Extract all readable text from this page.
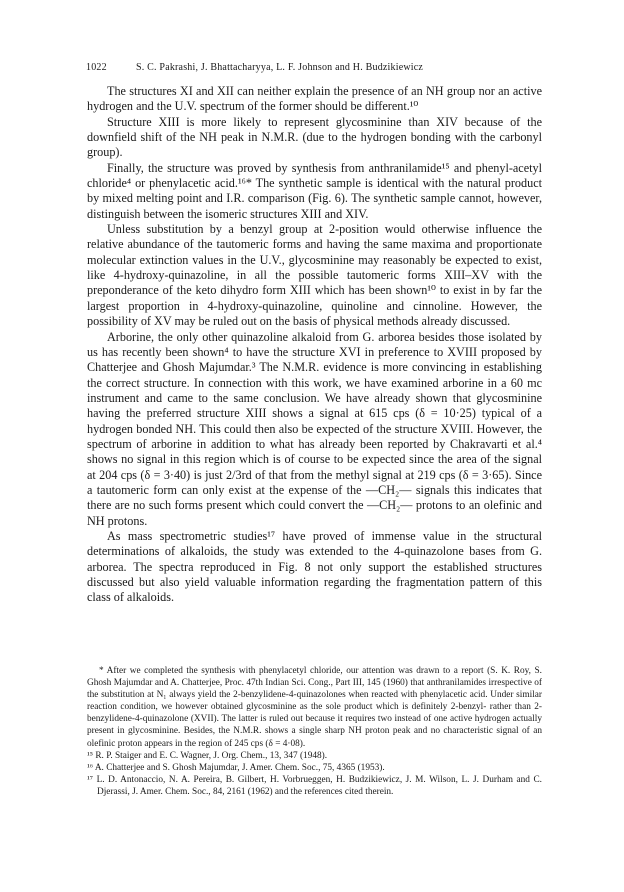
1022	S. C. Pakrashi, J. Bhattacharyya, L. F. Johnson and H. Budzikiewicz

The structures XI and XII can neither explain the presence of an NH group nor an active hydrogen and the U.V. spectrum of the former should be different.¹⁰

Structure XIII is more likely to represent glycosminine than XIV because of the downfield shift of the NH peak in N.M.R. (due to the hydrogen bonding with the carbonyl group).

Finally, the structure was proved by synthesis from anthranilamide¹⁵ and phenyl-acetyl chloride⁴ or phenylacetic acid.¹⁶* The synthetic sample is identical with the natural product by mixed melting point and I.R. comparison (Fig. 6). The synthetic sample cannot, however, distinguish between the isomeric structures XIII and XIV.

Unless substitution by a benzyl group at 2-position would otherwise influence the relative abundance of the tautomeric forms and having the same maxima and proportionate molecular extinction values in the U.V., glycosminine may reasonably be expected to exist, like 4-hydroxy-quinazoline, in all the possible tautomeric forms XIII–XV with the preponderance of the keto dihydro form XIII which has been shown¹⁰ to exist in by far the largest proportion in 4-hydroxy-quinazoline, quinoline and cinnoline. However, the possibility of XV may be ruled out on the basis of physical methods already discussed.

Arborine, the only other quinazoline alkaloid from G. arborea besides those isolated by us has recently been shown⁴ to have the structure XVI in preference to XVIII proposed by Chatterjee and Ghosh Majumdar.³ The N.M.R. evidence is more convincing in establishing the correct structure. In connection with this work, we have examined arborine in a 60 mc instrument and came to the same conclusion. We have already shown that glycosminine having the preferred structure XIII shows a signal at 615 cps (δ = 10·25) typical of a hydrogen bonded NH. This could then also be expected of the structure XVIII. However, the spectrum of arborine in addition to what has already been reported by Chakravarti et al.⁴ shows no signal in this region which is of course to be expected since the area of the signal at 204 cps (δ = 3·40) is just 2/3rd of that from the methyl signal at 219 cps (δ = 3·65). Since a tautomeric form can only exist at the expense of the —CH₂— signals this indicates that there are no such forms present which could convert the —CH₂— protons to an olefinic and NH protons.

As mass spectrometric studies¹⁷ have proved of immense value in the structural determinations of alkaloids, the study was extended to the 4-quinazolone bases from G. arborea. The spectra reproduced in Fig. 8 not only support the established structures discussed but also yield valuable information regarding the fragmentation pattern of this class of alkaloids.

* After we completed the synthesis with phenylacetyl chloride, our attention was drawn to a report (S. K. Roy, S. Ghosh Majumdar and A. Chatterjee, Proc. 47th Indian Sci. Cong., Part III, 145 (1960) that anthranilamides irrespective of the substitution at N₁ always yield the 2-benzylidene-4-quinazolones when reacted with phenylacetic acid. Under similar reaction condition, we however obtained glycosminine as the sole product which is definitely 2-benzyl- rather than 2-benzylidene-4-quinazolone (XVII). The latter is ruled out because it requires two instead of one active hydrogen actually present in glycosminine. Besides, the N.M.R. shows a single sharp NH proton peak and no characteristic signal of an olefinic proton appears in the region of 245 cps (δ = 4·08).

¹⁵ R. P. Staiger and E. C. Wagner, J. Org. Chem., 13, 347 (1948).

¹⁶ A. Chatterjee and S. Ghosh Majumdar, J. Amer. Chem. Soc., 75, 4365 (1953).

¹⁷ L. D. Antonaccio, N. A. Pereira, B. Gilbert, H. Vorbrueggen, H. Budzikiewicz, J. M. Wilson, L. J. Durham and C. Djerassi, J. Amer. Chem. Soc., 84, 2161 (1962) and the references cited therein.
